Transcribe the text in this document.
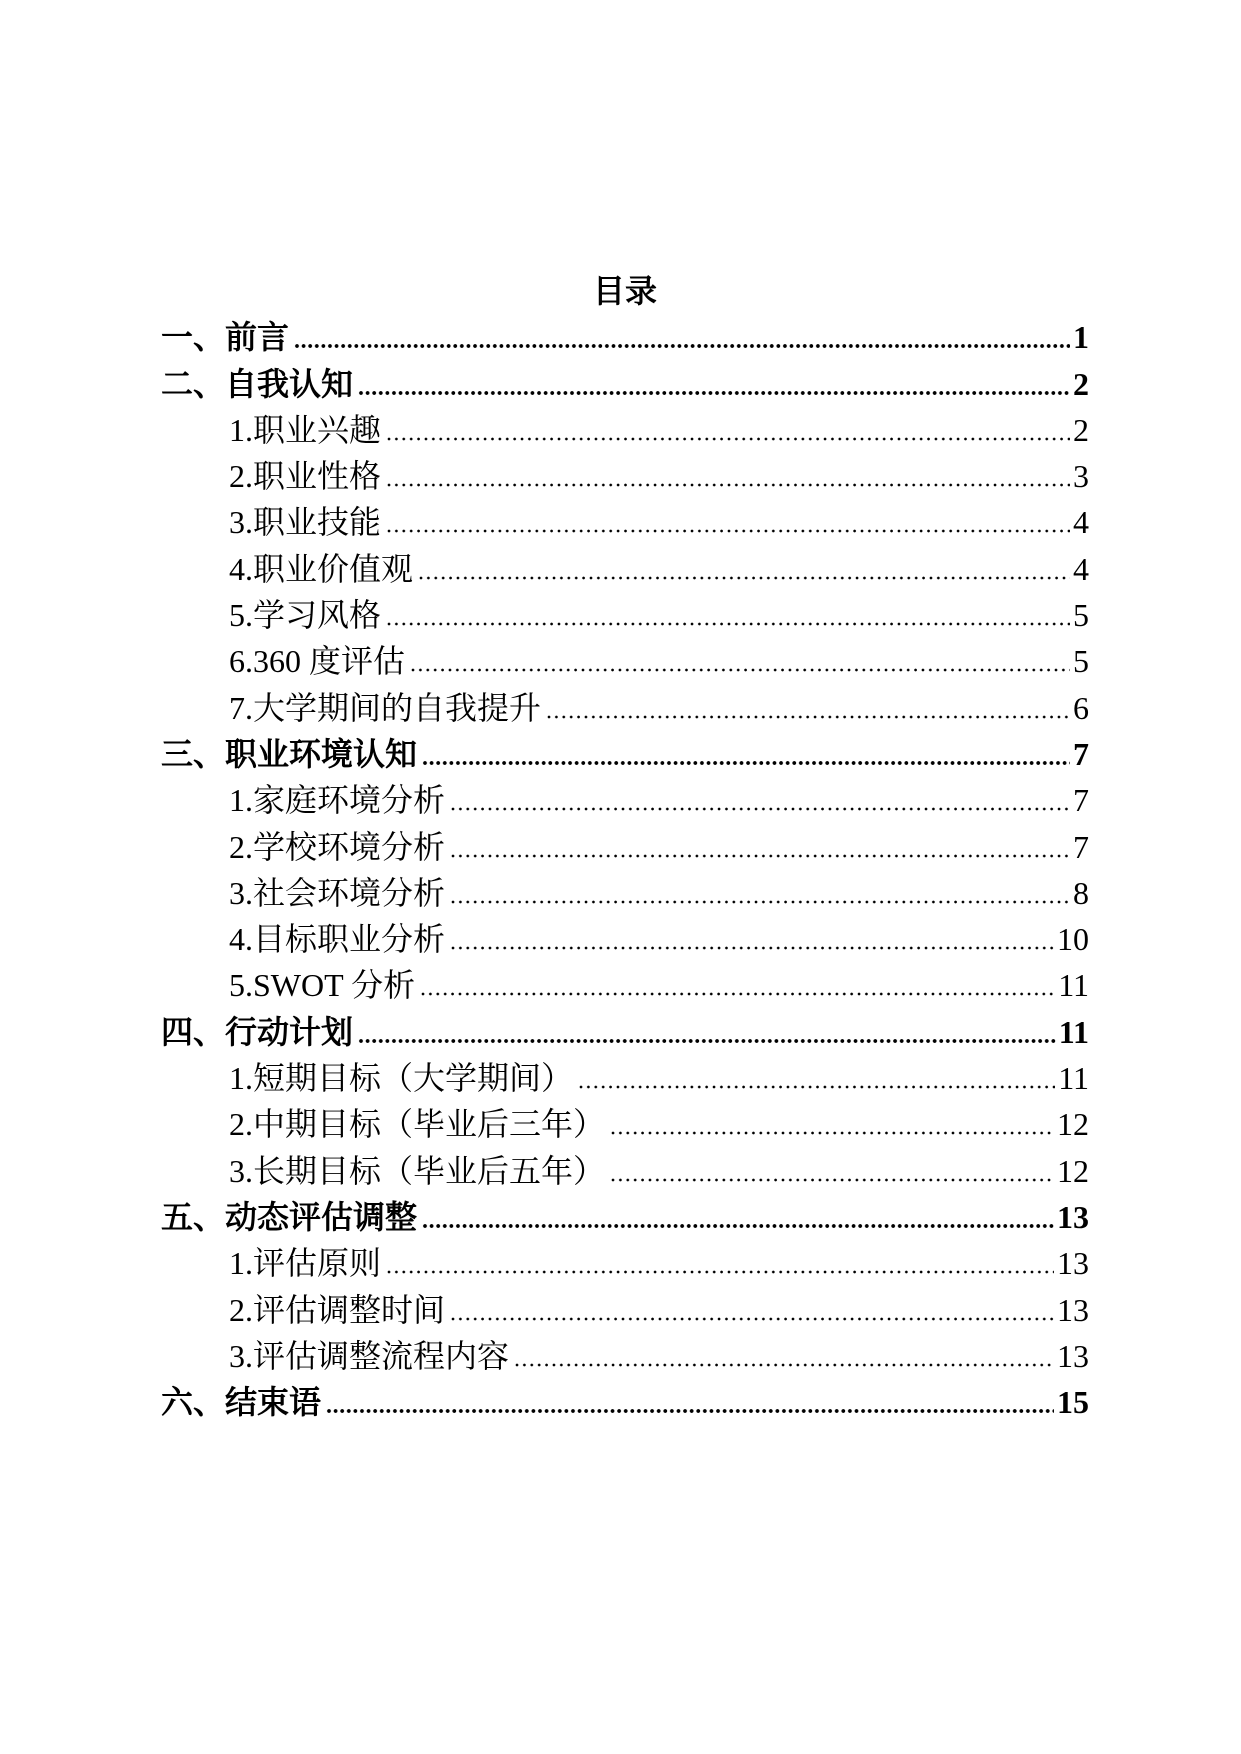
目录
一、前言	1
二、自我认知	2
1.职业兴趣	2
2.职业性格	3
3.职业技能	4
4.职业价值观	4
5.学习风格	5
6.360 度评估	5
7.大学期间的自我提升	6
三、职业环境认知	7
1.家庭环境分析	7
2.学校环境分析	7
3.社会环境分析	8
4.目标职业分析	10
5.SWOT 分析	11
四、行动计划	11
1.短期目标（大学期间）	11
2.中期目标（毕业后三年）	12
3.长期目标（毕业后五年）	12
五、动态评估调整	13
1.评估原则	13
2.评估调整时间	13
3.评估调整流程内容	13
六、结束语	15
